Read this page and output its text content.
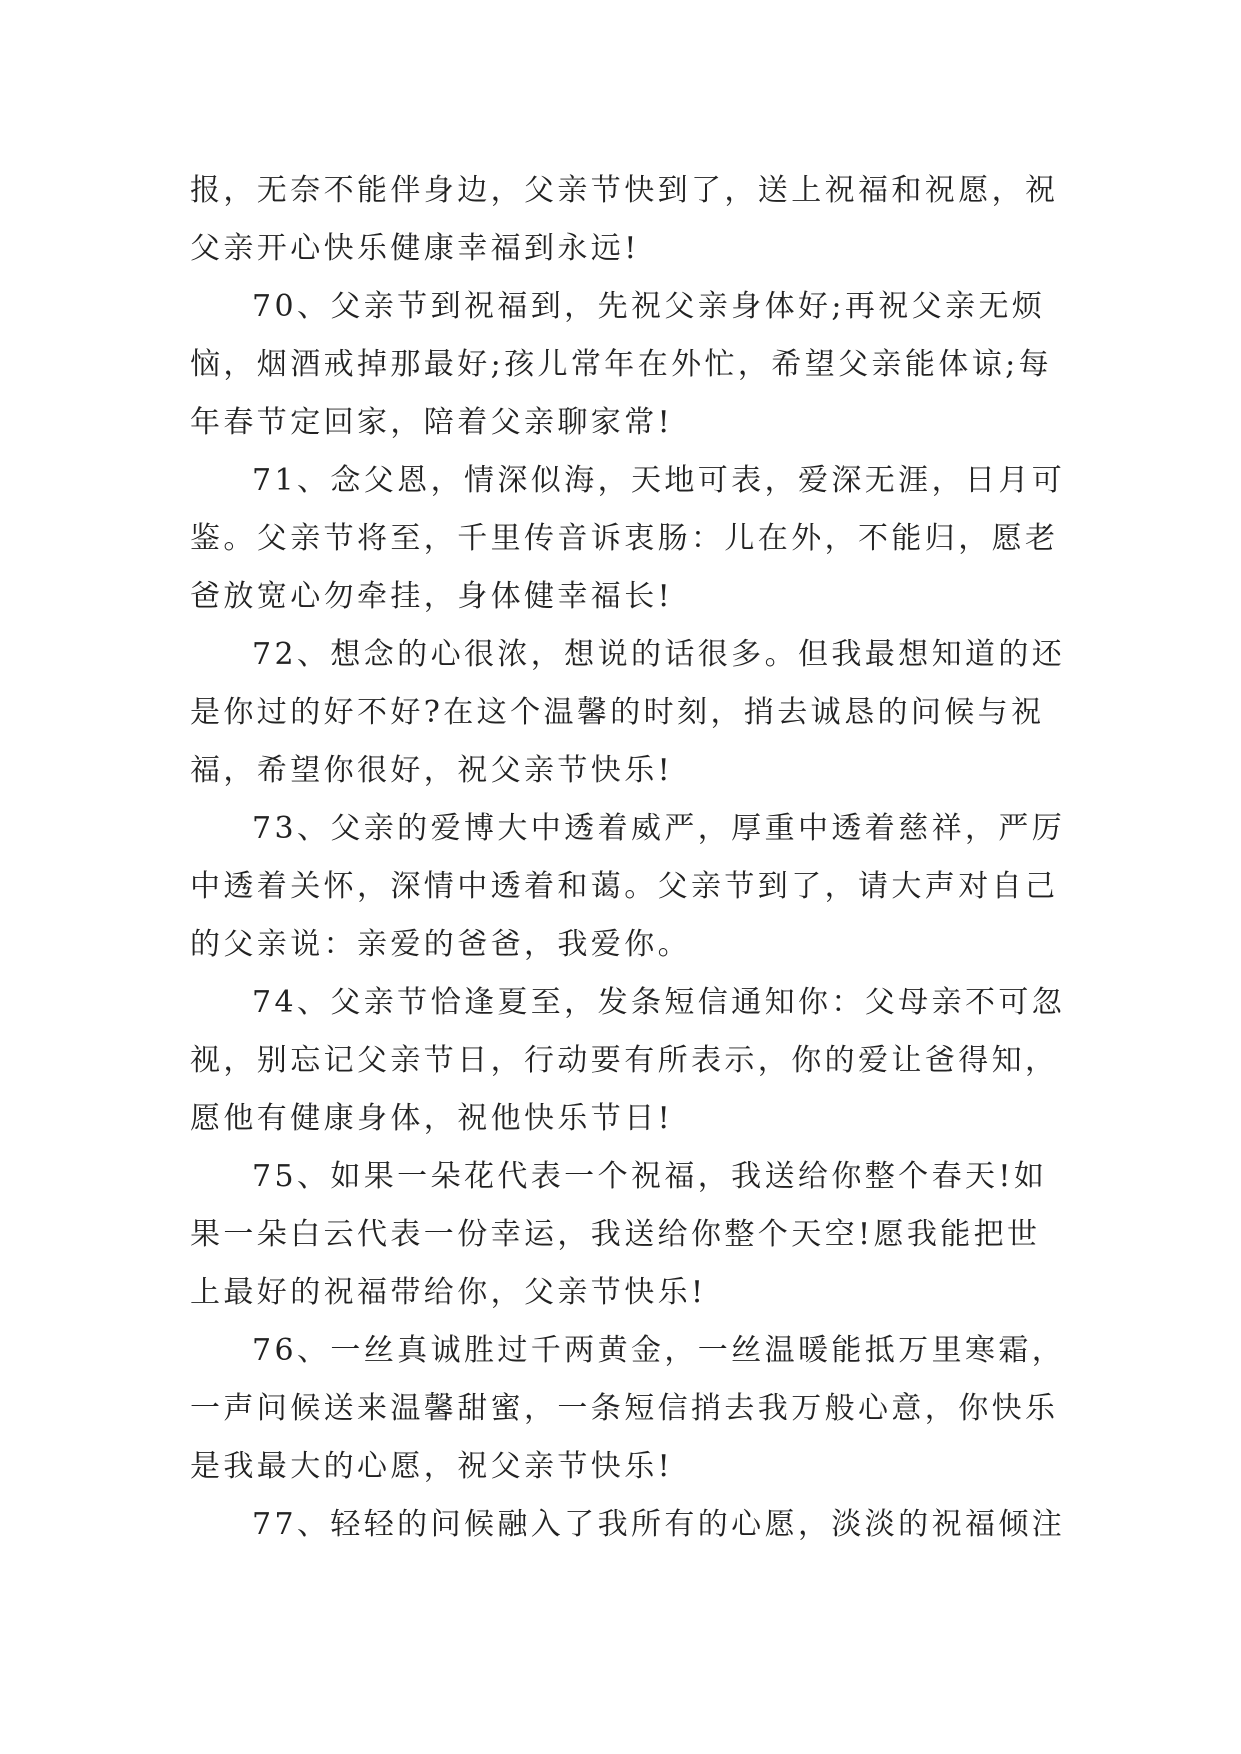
报，无奈不能伴身边，父亲节快到了，送上祝福和祝愿，祝
父亲开心快乐健康幸福到永远!
70、父亲节到祝福到，先祝父亲身体好;再祝父亲无烦
恼，烟酒戒掉那最好;孩儿常年在外忙，希望父亲能体谅;每
年春节定回家，陪着父亲聊家常!
71、念父恩，情深似海，天地可表，爱深无涯，日月可
鉴。父亲节将至，千里传音诉衷肠：儿在外，不能归，愿老
爸放宽心勿牵挂，身体健幸福长!
72、想念的心很浓，想说的话很多。但我最想知道的还
是你过的好不好?在这个温馨的时刻，捎去诚恳的问候与祝
福，希望你很好，祝父亲节快乐!
73、父亲的爱博大中透着威严，厚重中透着慈祥，严厉
中透着关怀，深情中透着和蔼。父亲节到了，请大声对自己
的父亲说：亲爱的爸爸，我爱你。
74、父亲节恰逢夏至，发条短信通知你：父母亲不可忽
视，别忘记父亲节日，行动要有所表示，你的爱让爸得知，
愿他有健康身体，祝他快乐节日!
75、如果一朵花代表一个祝福，我送给你整个春天!如
果一朵白云代表一份幸运，我送给你整个天空!愿我能把世
上最好的祝福带给你，父亲节快乐!
76、一丝真诚胜过千两黄金，一丝温暖能抵万里寒霜，
一声问候送来温馨甜蜜，一条短信捎去我万般心意，你快乐
是我最大的心愿，祝父亲节快乐!
77、轻轻的问候融入了我所有的心愿，淡淡的祝福倾注
